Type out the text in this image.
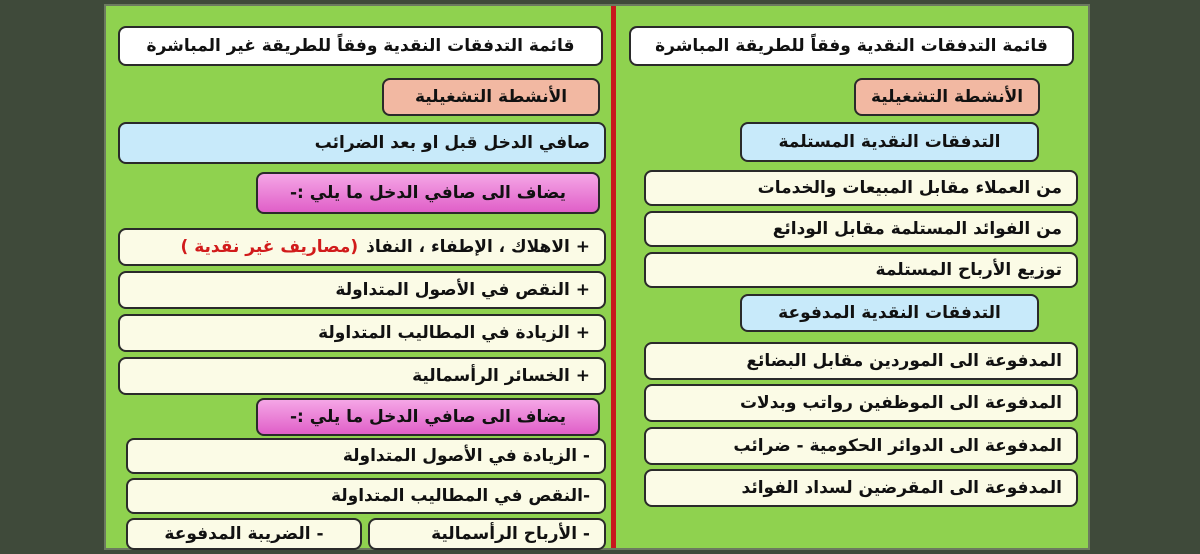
قائمة التدفقات النقدية وفقاً للطريقة المباشرة
الأنشطة التشغيلية
التدفقات النقدية المستلمة
من العملاء مقابل المبيعات والخدمات
من الفوائد المستلمة مقابل الودائع
توزيع الأرباح المستلمة
التدفقات النقدية المدفوعة
المدفوعة الى الموردين مقابل البضائع
المدفوعة الى الموظفين رواتب وبدلات
المدفوعة الى الدوائر الحكومية - ضرائب
المدفوعة الى المقرضين لسداد الفوائد
قائمة التدفقات النقدية وفقاً للطريقة غير المباشرة
الأنشطة التشغيلية
صافي الدخل قبل او بعد الضرائب
يضاف الى صافي الدخل ما يلي :-
+ الاهلاك ، الإطفاء ، النفاذ
(مصاريف غير نقدية )
+ النقص في الأصول المتداولة
+ الزيادة في المطاليب المتداولة
+ الخسائر الرأسمالية
يضاف الى صافي الدخل ما يلي :-
- الزيادة في الأصول المتداولة
-النقص في المطاليب المتداولة
- الأرباح الرأسمالية
- الضريبة المدفوعة
